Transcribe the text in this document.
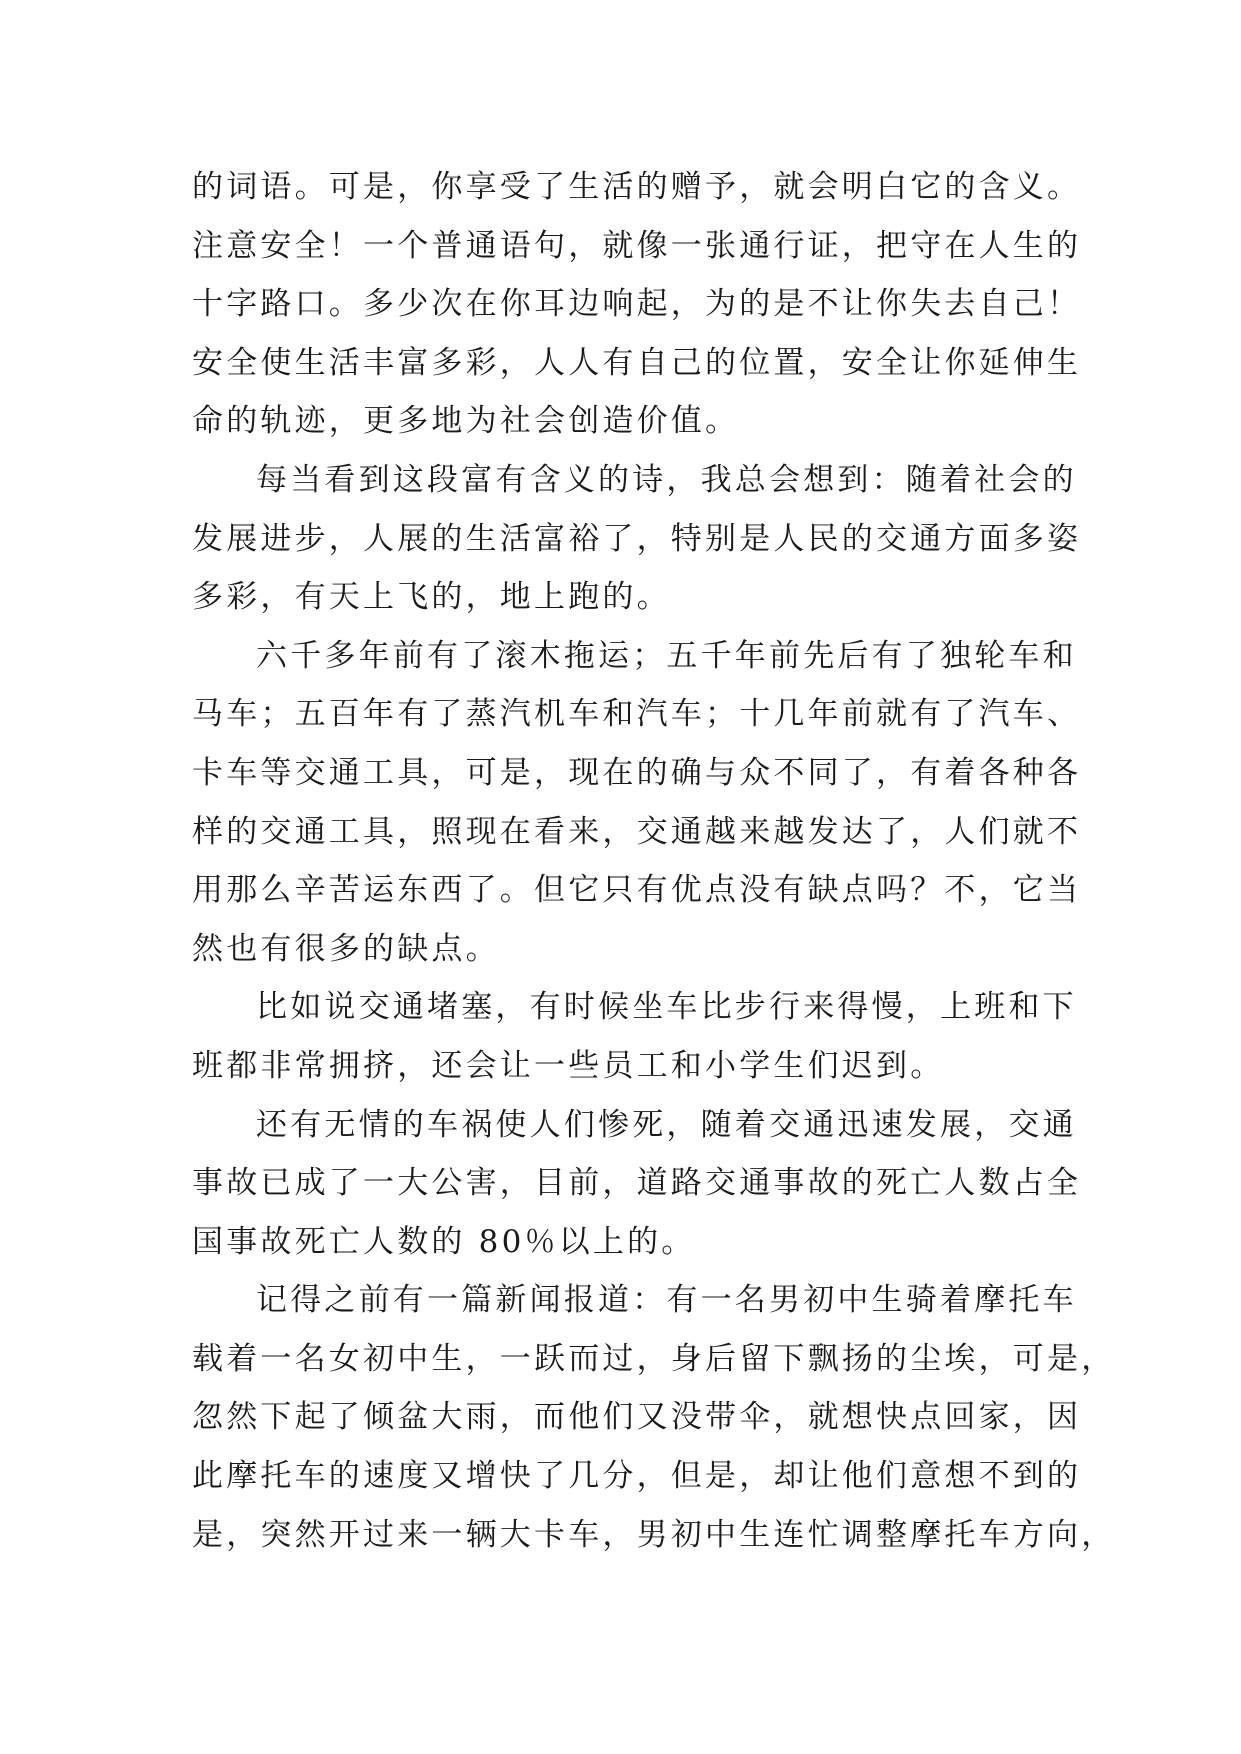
的词语。可是，你享受了生活的赠予，就会明白它的含义。
注意安全！一个普通语句，就像一张通行证，把守在人生的
十字路口。多少次在你耳边响起，为的是不让你失去自己！
安全使生活丰富多彩，人人有自己的位置，安全让你延伸生
命的轨迹，更多地为社会创造价值。
每当看到这段富有含义的诗，我总会想到：随着社会的
发展进步，人展的生活富裕了，特别是人民的交通方面多姿
多彩，有天上飞的，地上跑的。
六千多年前有了滚木拖运；五千年前先后有了独轮车和
马车；五百年有了蒸汽机车和汽车；十几年前就有了汽车、
卡车等交通工具，可是，现在的确与众不同了，有着各种各
样的交通工具，照现在看来，交通越来越发达了，人们就不
用那么辛苦运东西了。但它只有优点没有缺点吗？不，它当
然也有很多的缺点。
比如说交通堵塞，有时候坐车比步行来得慢，上班和下
班都非常拥挤，还会让一些员工和小学生们迟到。
还有无情的车祸使人们惨死，随着交通迅速发展，交通
事故已成了一大公害，目前，道路交通事故的死亡人数占全
国事故死亡人数的 80％以上的。
记得之前有一篇新闻报道：有一名男初中生骑着摩托车
载着一名女初中生，一跃而过，身后留下飘扬的尘埃，可是，
忽然下起了倾盆大雨，而他们又没带伞，就想快点回家，因
此摩托车的速度又增快了几分，但是，却让他们意想不到的
是，突然开过来一辆大卡车，男初中生连忙调整摩托车方向，
